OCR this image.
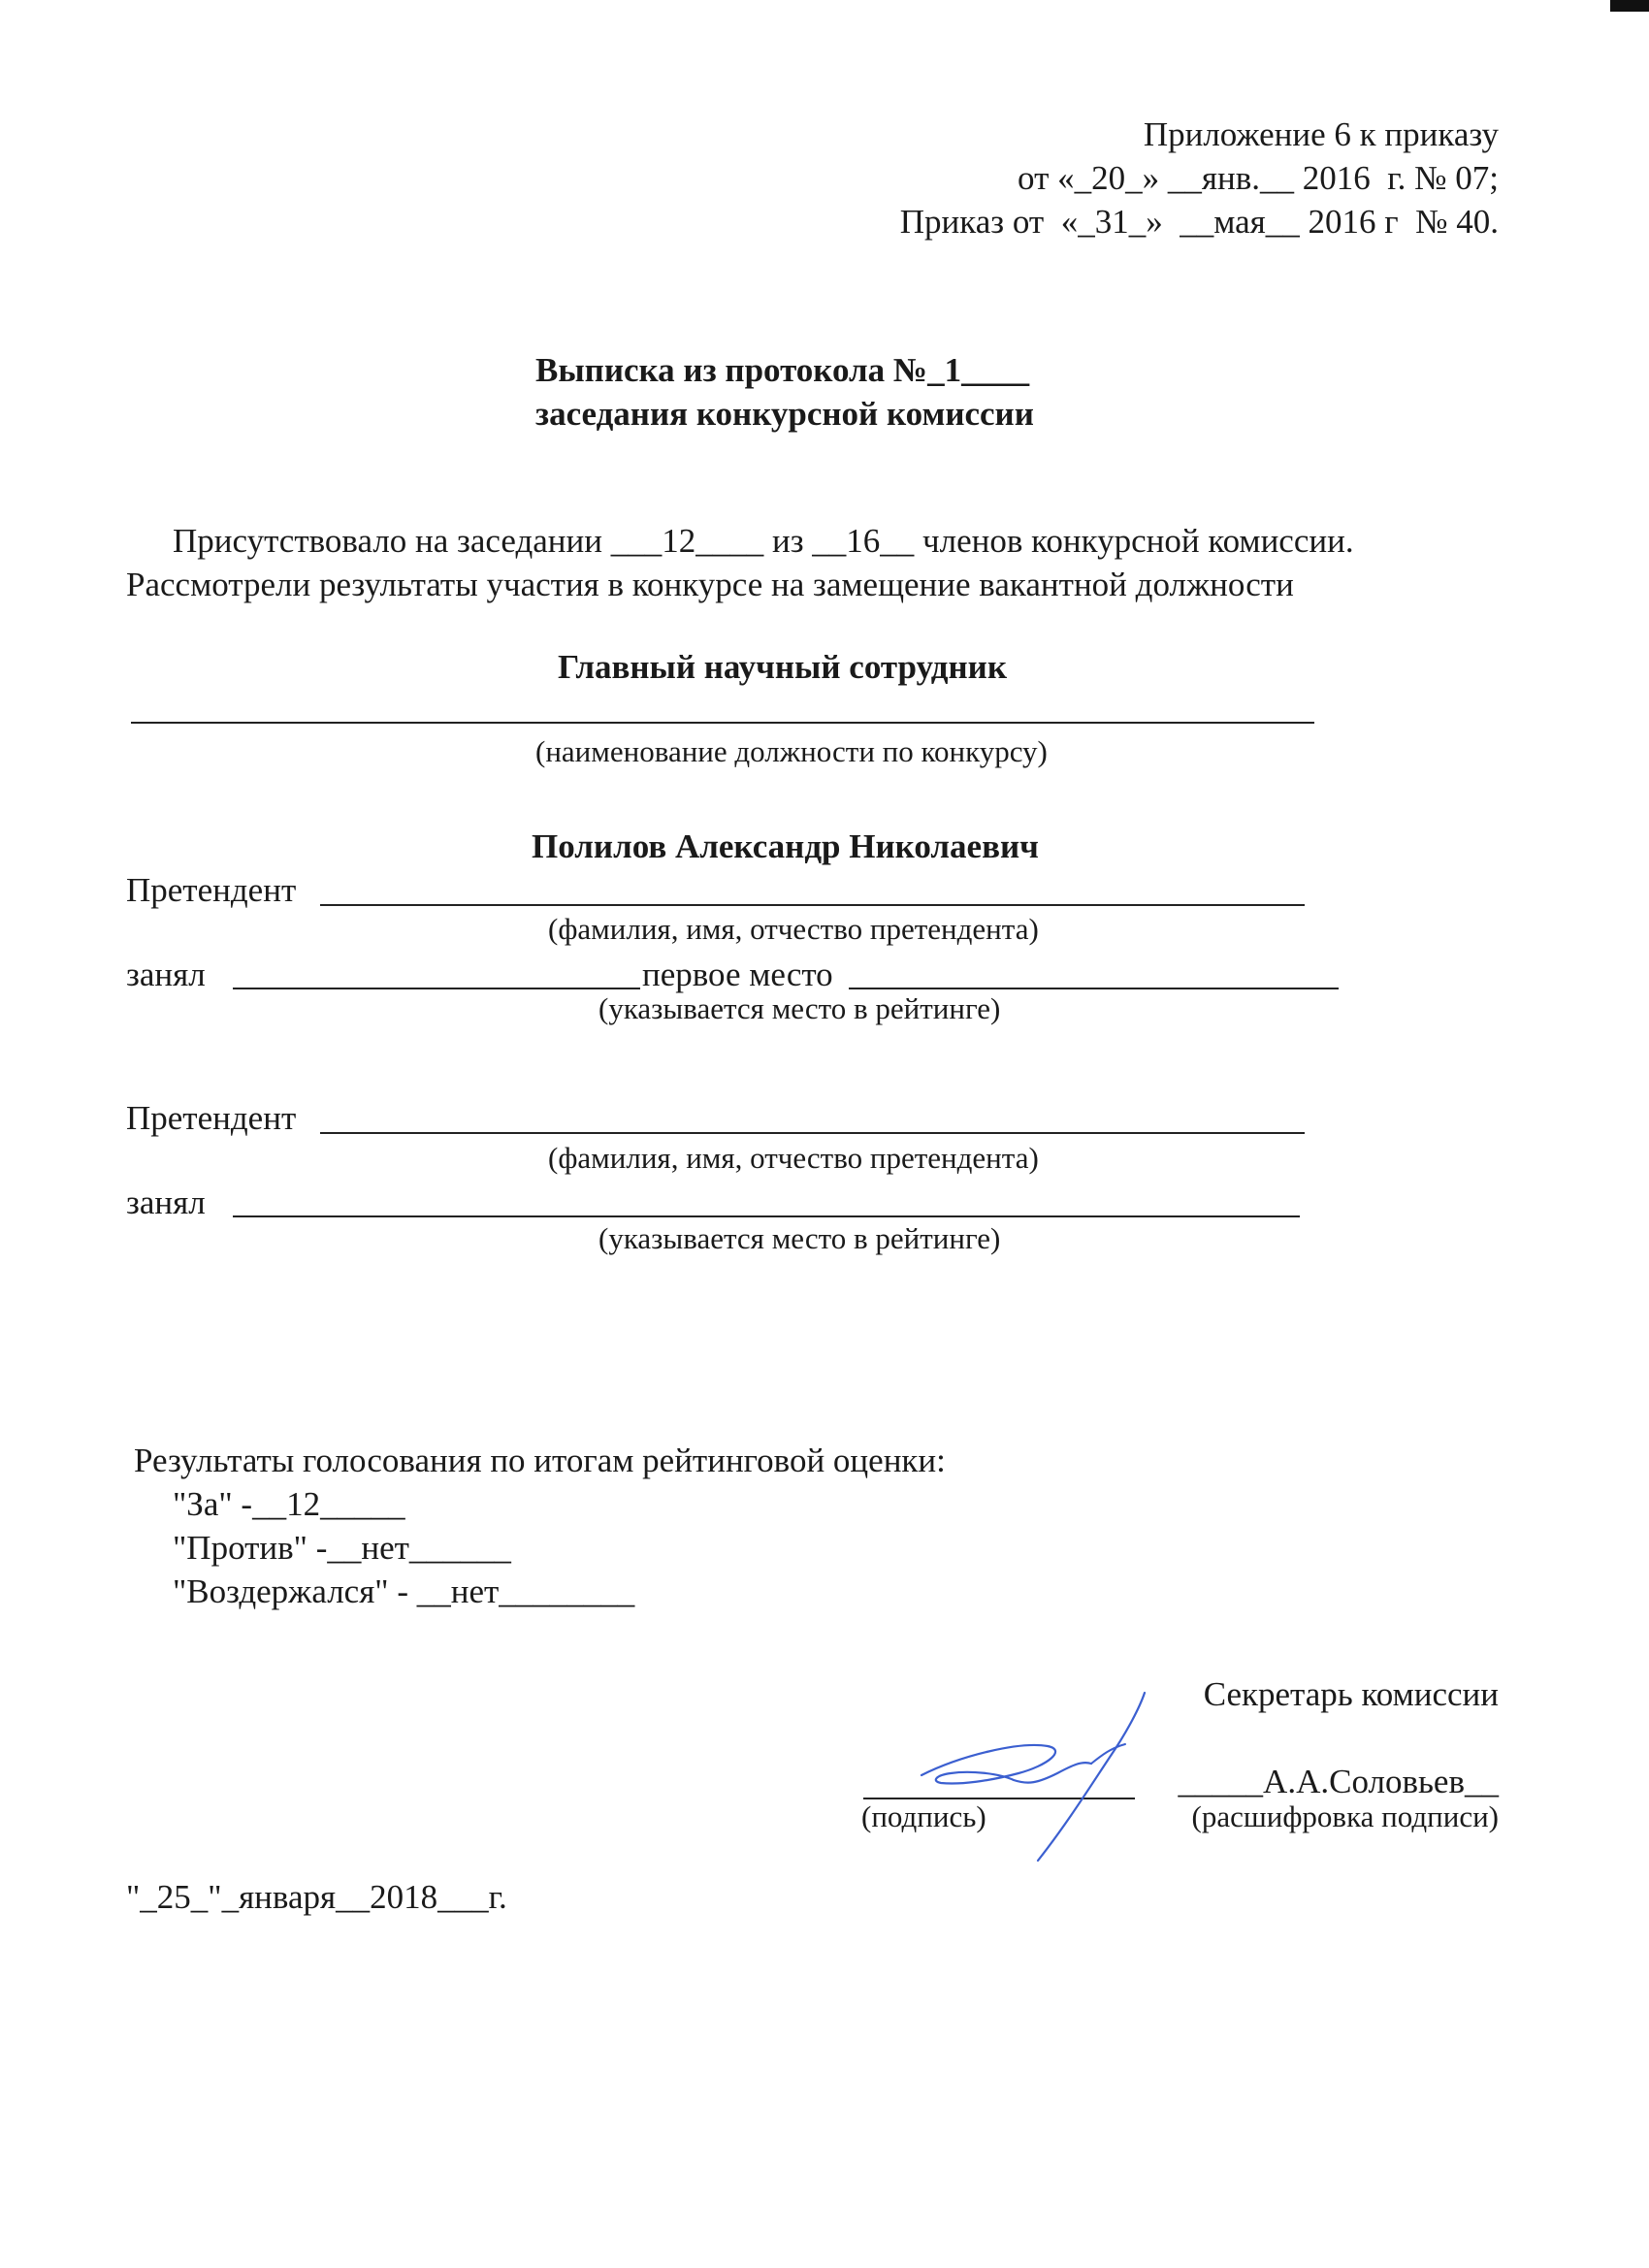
Приложение 6 к приказу
от «_20_» __янв.__ 2016  г. № 07;
Приказ от  «_31_»  __мая__ 2016 г  № 40.
Выписка из протокола №_1____
заседания конкурсной комиссии
Присутствовало на заседании ___12____ из __16__ членов конкурсной комиссии.
Рассмотрели результаты участия в конкурсе на замещение вакантной должности
Главный научный сотрудник
(наименование должности по конкурсу)
Полилов Александр Николаевич
Претендент
(фамилия, имя, отчество претендента)
занял	первое место
(указывается место в рейтинге)
Претендент
(фамилия, имя, отчество претендента)
занял
(указывается место в рейтинге)
Результаты голосования по итогам рейтинговой оценки:
"За" -__12_____
"Против" -__нет______
"Воздержался" - __нет________
Секретарь комиссии
_____А.А.Соловьев__
(подпись)	(расшифровка подписи)
"_25_"_января__2018___г.
